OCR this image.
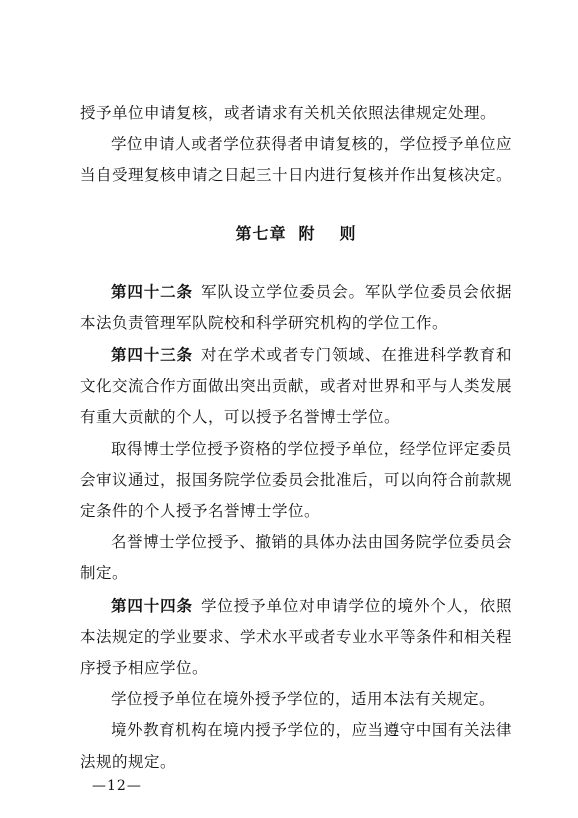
授予单位申请复核，或者请求有关机关依照法律规定处理。

学位申请人或者学位获得者申请复核的，学位授予单位应当自受理复核申请之日起三十日内进行复核并作出复核决定。

第七章 附 则

第四十二条 军队设立学位委员会。军队学位委员会依据本法负责管理军队院校和科学研究机构的学位工作。

第四十三条 对在学术或者专门领域、在推进科学教育和文化交流合作方面做出突出贡献，或者对世界和平与人类发展有重大贡献的个人，可以授予名誉博士学位。

取得博士学位授予资格的学位授予单位，经学位评定委员会审议通过，报国务院学位委员会批准后，可以向符合前款规定条件的个人授予名誉博士学位。

名誉博士学位授予、撤销的具体办法由国务院学位委员会制定。

第四十四条 学位授予单位对申请学位的境外个人，依照本法规定的学业要求、学术水平或者专业水平等条件和相关程序授予相应学位。

学位授予单位在境外授予学位的，适用本法有关规定。

境外教育机构在境内授予学位的，应当遵守中国有关法律法规的规定。

—12—
